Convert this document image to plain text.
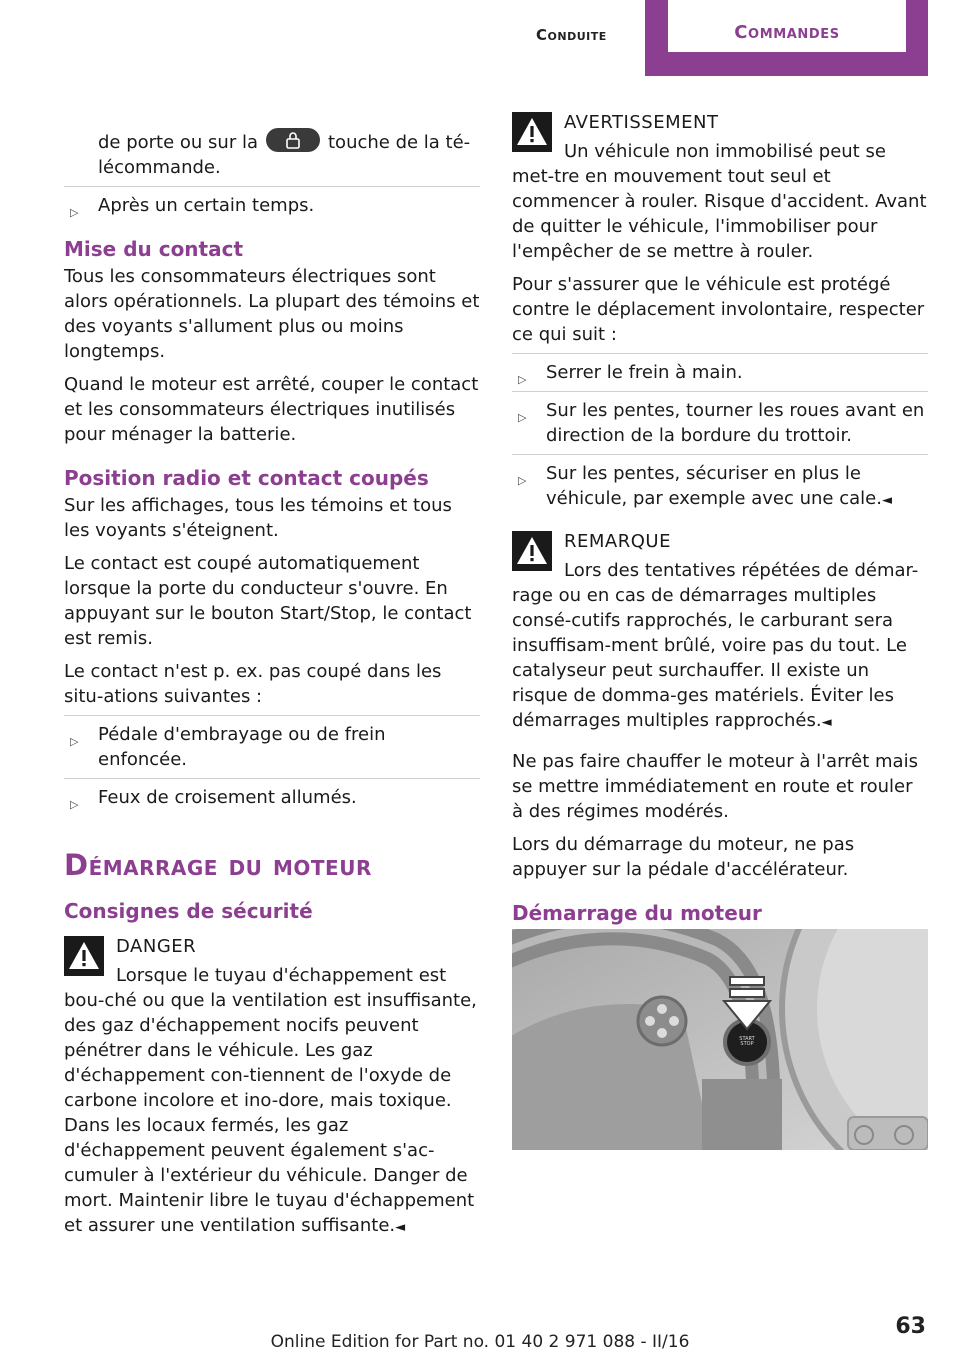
Conduite	Commandes

de porte ou sur la	touche de la té-
lécommande.

▷ Après un certain temps.
Mise du contact

Tous les consommateurs électriques sont alors opérationnels. La plupart des témoins et des voyants s'allument plus ou moins longtemps.

Quand le moteur est arrêté, couper le contact et les consommateurs électriques inutilisés pour ménager la batterie.

Position radio et contact coupés

Sur les affichages, tous les témoins et tous les voyants s'éteignent.

Le contact est coupé automatiquement lorsque la porte du conducteur s'ouvre. En appuyant sur le bouton Start/Stop, le contact est remis.

Le contact n'est p. ex. pas coupé dans les situ-ations suivantes :

▷ Pédale d'embrayage ou de frein enfoncée.
▷ Feux de croisement allumés.
Démarrage du moteur
Consignes de sécurité
DANGER

Lorsque le tuyau d'échappement est bou-ché ou que la ventilation est insuffisante, des gaz d'échappement nocifs peuvent pénétrer dans le véhicule. Les gaz d'échappement con-tiennent de l'oxyde de carbone incolore et ino-dore, mais toxique. Dans les locaux fermés, les gaz d'échappement peuvent également s'ac-cumuler à l'extérieur du véhicule. Danger de mort. Maintenir libre le tuyau d'échappement et assurer une ventilation suffisante.◄

AVERTISSEMENT

Un véhicule non immobilisé peut se met-tre en mouvement tout seul et commencer à rouler. Risque d'accident. Avant de quitter le véhicule, l'immobiliser pour l'empêcher de se mettre à rouler.

Pour s'assurer que le véhicule est protégé contre le déplacement involontaire, respecter ce qui suit :

▷ Serrer le frein à main.
▷ Sur les pentes, tourner les roues avant en direction de la bordure du trottoir.
▷ Sur les pentes, sécuriser en plus le véhicule, par exemple avec une cale.◄
REMARQUE

Lors des tentatives répétées de démar-rage ou en cas de démarrages multiples consé-cutifs rapprochés, le carburant sera insuffisam-ment brûlé, voire pas du tout. Le catalyseur peut surchauffer. Il existe un risque de domma-ges matériels. Éviter les démarrages multiples rapprochés.◄

Ne pas faire chauffer le moteur à l'arrêt mais se mettre immédiatement en route et rouler à des régimes modérés.

Lors du démarrage du moteur, ne pas appuyer sur la pédale d'accélérateur.

Démarrage du moteur
START STOP
Online Edition for Part no. 01 40 2 971 088 - II/16
63
